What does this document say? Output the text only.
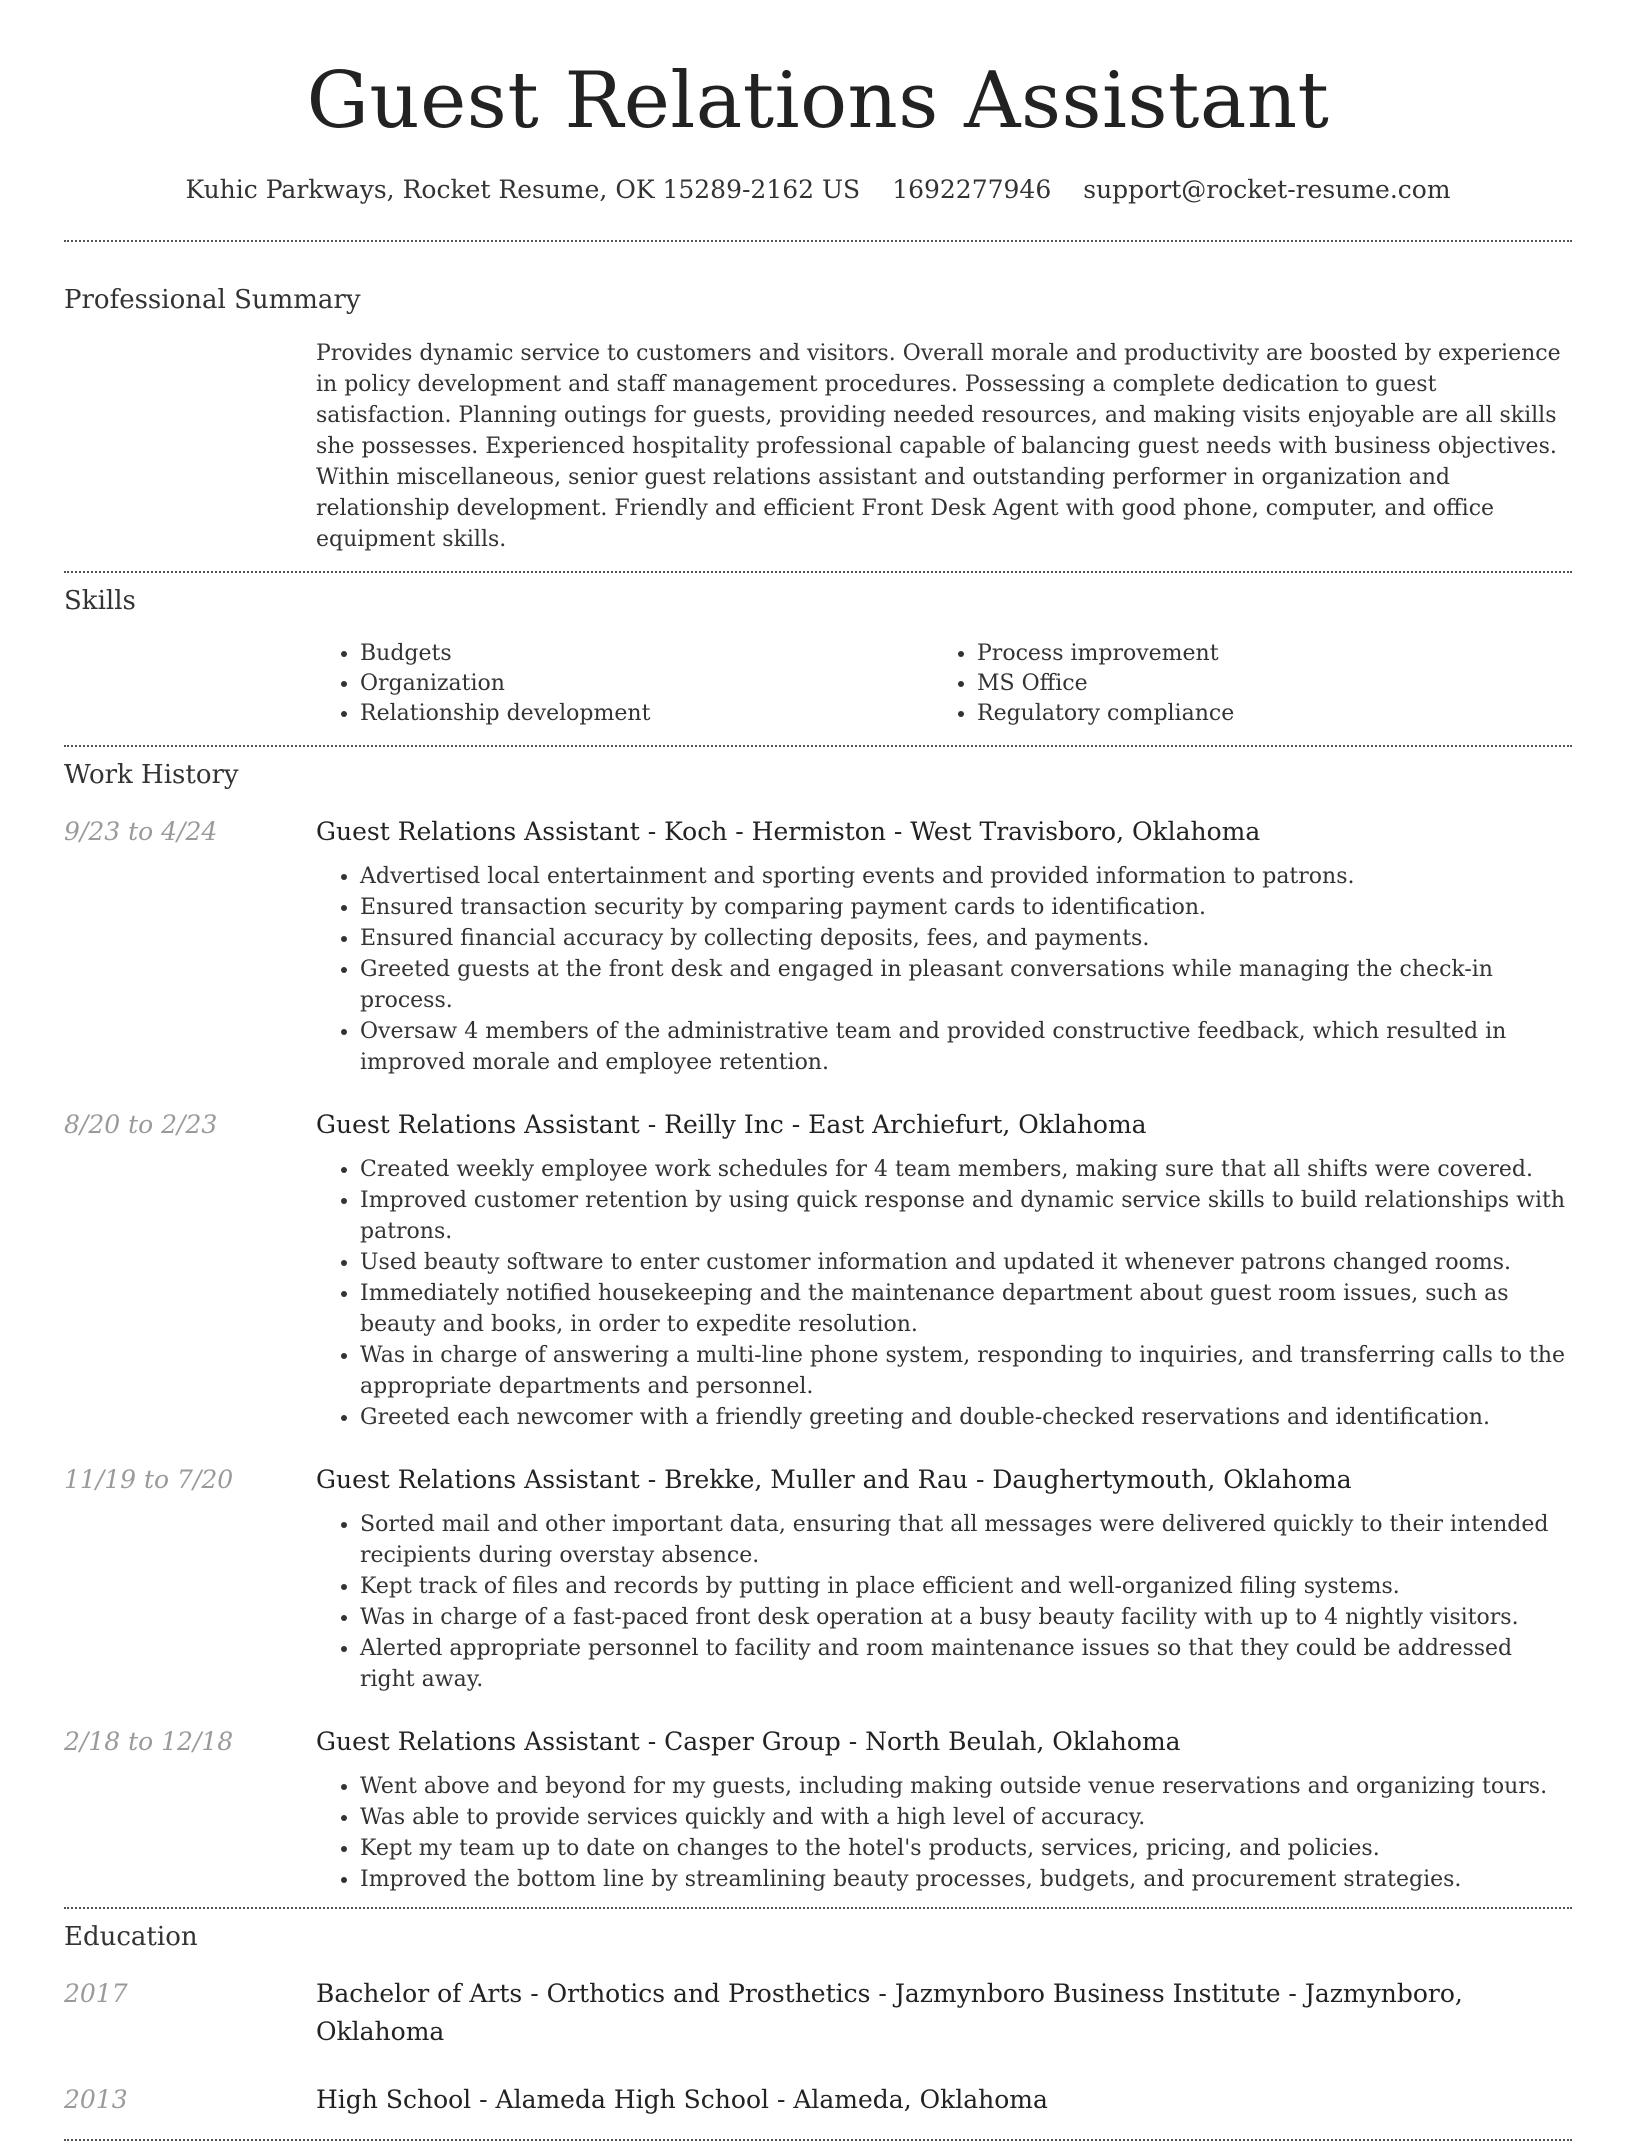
Guest Relations Assistant
Kuhic Parkways, Rocket Resume, OK 15289-2162 US 1692277946 support@rocket-resume.com
Professional Summary
Provides dynamic service to customers and visitors. Overall morale and productivity are boosted by experience in policy development and staff management procedures. Possessing a complete dedication to guest satisfaction. Planning outings for guests, providing needed resources, and making visits enjoyable are all skills she possesses. Experienced hospitality professional capable of balancing guest needs with business objectives. Within miscellaneous, senior guest relations assistant and outstanding performer in organization and relationship development. Friendly and efficient Front Desk Agent with good phone, computer, and office equipment skills.
Skills
• Budgets
• Organization
• Relationship development
• Process improvement
• MS Office
• Regulatory compliance
Work History
9/23 to 4/24	Guest Relations Assistant - Koch - Hermiston - West Travisboro, Oklahoma
• Advertised local entertainment and sporting events and provided information to patrons.
• Ensured transaction security by comparing payment cards to identification.
• Ensured financial accuracy by collecting deposits, fees, and payments.
• Greeted guests at the front desk and engaged in pleasant conversations while managing the check-in process.
• Oversaw 4 members of the administrative team and provided constructive feedback, which resulted in improved morale and employee retention.
8/20 to 2/23	Guest Relations Assistant - Reilly Inc - East Archiefurt, Oklahoma
• Created weekly employee work schedules for 4 team members, making sure that all shifts were covered.
• Improved customer retention by using quick response and dynamic service skills to build relationships with patrons.
• Used beauty software to enter customer information and updated it whenever patrons changed rooms.
• Immediately notified housekeeping and the maintenance department about guest room issues, such as beauty and books, in order to expedite resolution.
• Was in charge of answering a multi-line phone system, responding to inquiries, and transferring calls to the appropriate departments and personnel.
• Greeted each newcomer with a friendly greeting and double-checked reservations and identification.
11/19 to 7/20	Guest Relations Assistant - Brekke, Muller and Rau - Daughertymouth, Oklahoma
• Sorted mail and other important data, ensuring that all messages were delivered quickly to their intended recipients during overstay absence.
• Kept track of files and records by putting in place efficient and well-organized filing systems.
• Was in charge of a fast-paced front desk operation at a busy beauty facility with up to 4 nightly visitors.
• Alerted appropriate personnel to facility and room maintenance issues so that they could be addressed right away.
2/18 to 12/18	Guest Relations Assistant - Casper Group - North Beulah, Oklahoma
• Went above and beyond for my guests, including making outside venue reservations and organizing tours.
• Was able to provide services quickly and with a high level of accuracy.
• Kept my team up to date on changes to the hotel's products, services, pricing, and policies.
• Improved the bottom line by streamlining beauty processes, budgets, and procurement strategies.
Education
2017	Bachelor of Arts - Orthotics and Prosthetics - Jazmynboro Business Institute - Jazmynboro, Oklahoma
2013	High School - Alameda High School - Alameda, Oklahoma
